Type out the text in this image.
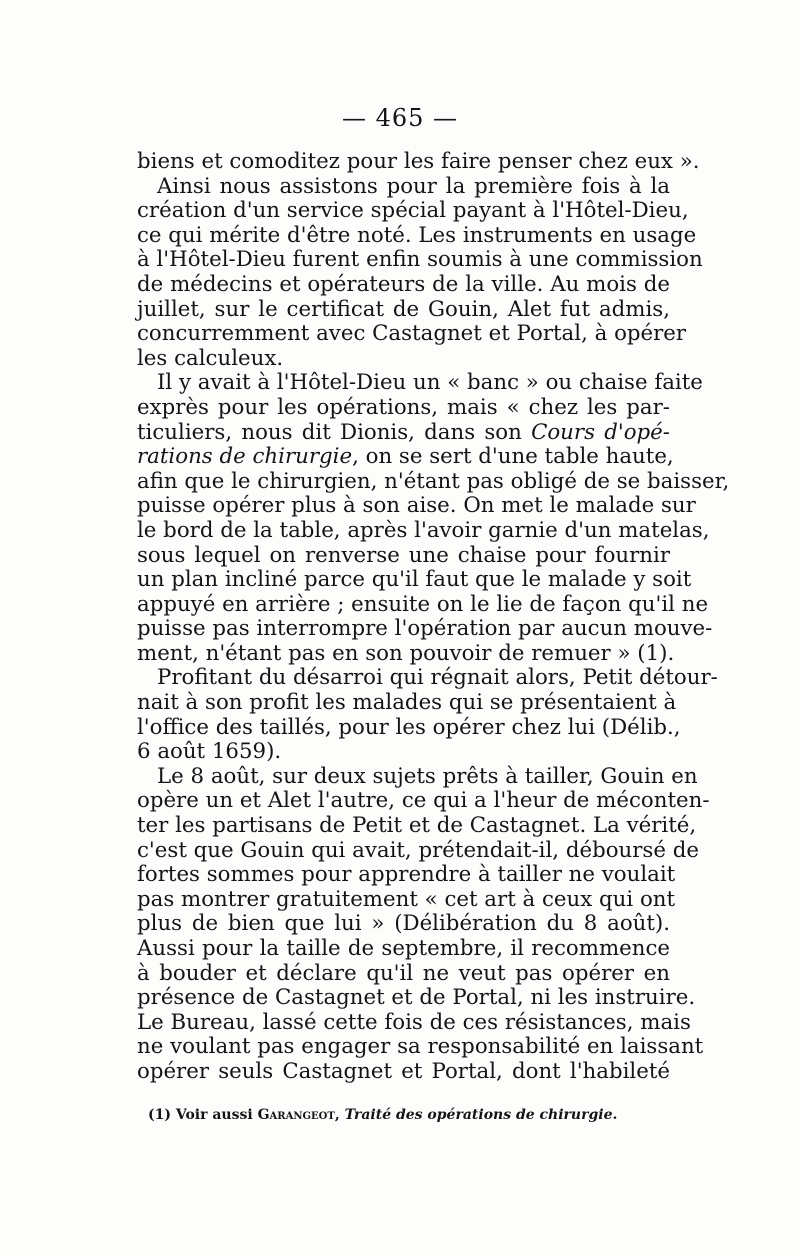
— 465 —
biens et comoditez pour les faire penser chez eux ».
Ainsi nous assistons pour la première fois à la
création d'un service spécial payant à l'Hôtel-Dieu,
ce qui mérite d'être noté. Les instruments en usage
à l'Hôtel-Dieu furent enfin soumis à une commission
de médecins et opérateurs de la ville. Au mois de
juillet, sur le certificat de Gouin, Alet fut admis,
concurremment avec Castagnet et Portal, à opérer
les calculeux.
Il y avait à l'Hôtel-Dieu un « banc » ou chaise faite
exprès pour les opérations, mais « chez les par-
ticuliers, nous dit Dionis, dans son Cours d'opé-
rations de chirurgie, on se sert d'une table haute,
afin que le chirurgien, n'étant pas obligé de se baisser,
puisse opérer plus à son aise. On met le malade sur
le bord de la table, après l'avoir garnie d'un matelas,
sous lequel on renverse une chaise pour fournir
un plan incliné parce qu'il faut que le malade y soit
appuyé en arrière ; ensuite on le lie de façon qu'il ne
puisse pas interrompre l'opération par aucun mouve-
ment, n'étant pas en son pouvoir de remuer » (1).
Profitant du désarroi qui régnait alors, Petit détour-
nait à son profit les malades qui se présentaient à
l'office des taillés, pour les opérer chez lui (Délib.,
6 août 1659).
Le 8 août, sur deux sujets prêts à tailler, Gouin en
opère un et Alet l'autre, ce qui a l'heur de méconten-
ter les partisans de Petit et de Castagnet. La vérité,
c'est que Gouin qui avait, prétendait-il, déboursé de
fortes sommes pour apprendre à tailler ne voulait
pas montrer gratuitement « cet art à ceux qui ont
plus de bien que lui » (Délibération du 8 août).
Aussi pour la taille de septembre, il recommence
à bouder et déclare qu'il ne veut pas opérer en
présence de Castagnet et de Portal, ni les instruire.
Le Bureau, lassé cette fois de ces résistances, mais
ne voulant pas engager sa responsabilité en laissant
opérer seuls Castagnet et Portal, dont l'habileté
(1) Voir aussi Garangeot, Traité des opérations de chirurgie.
